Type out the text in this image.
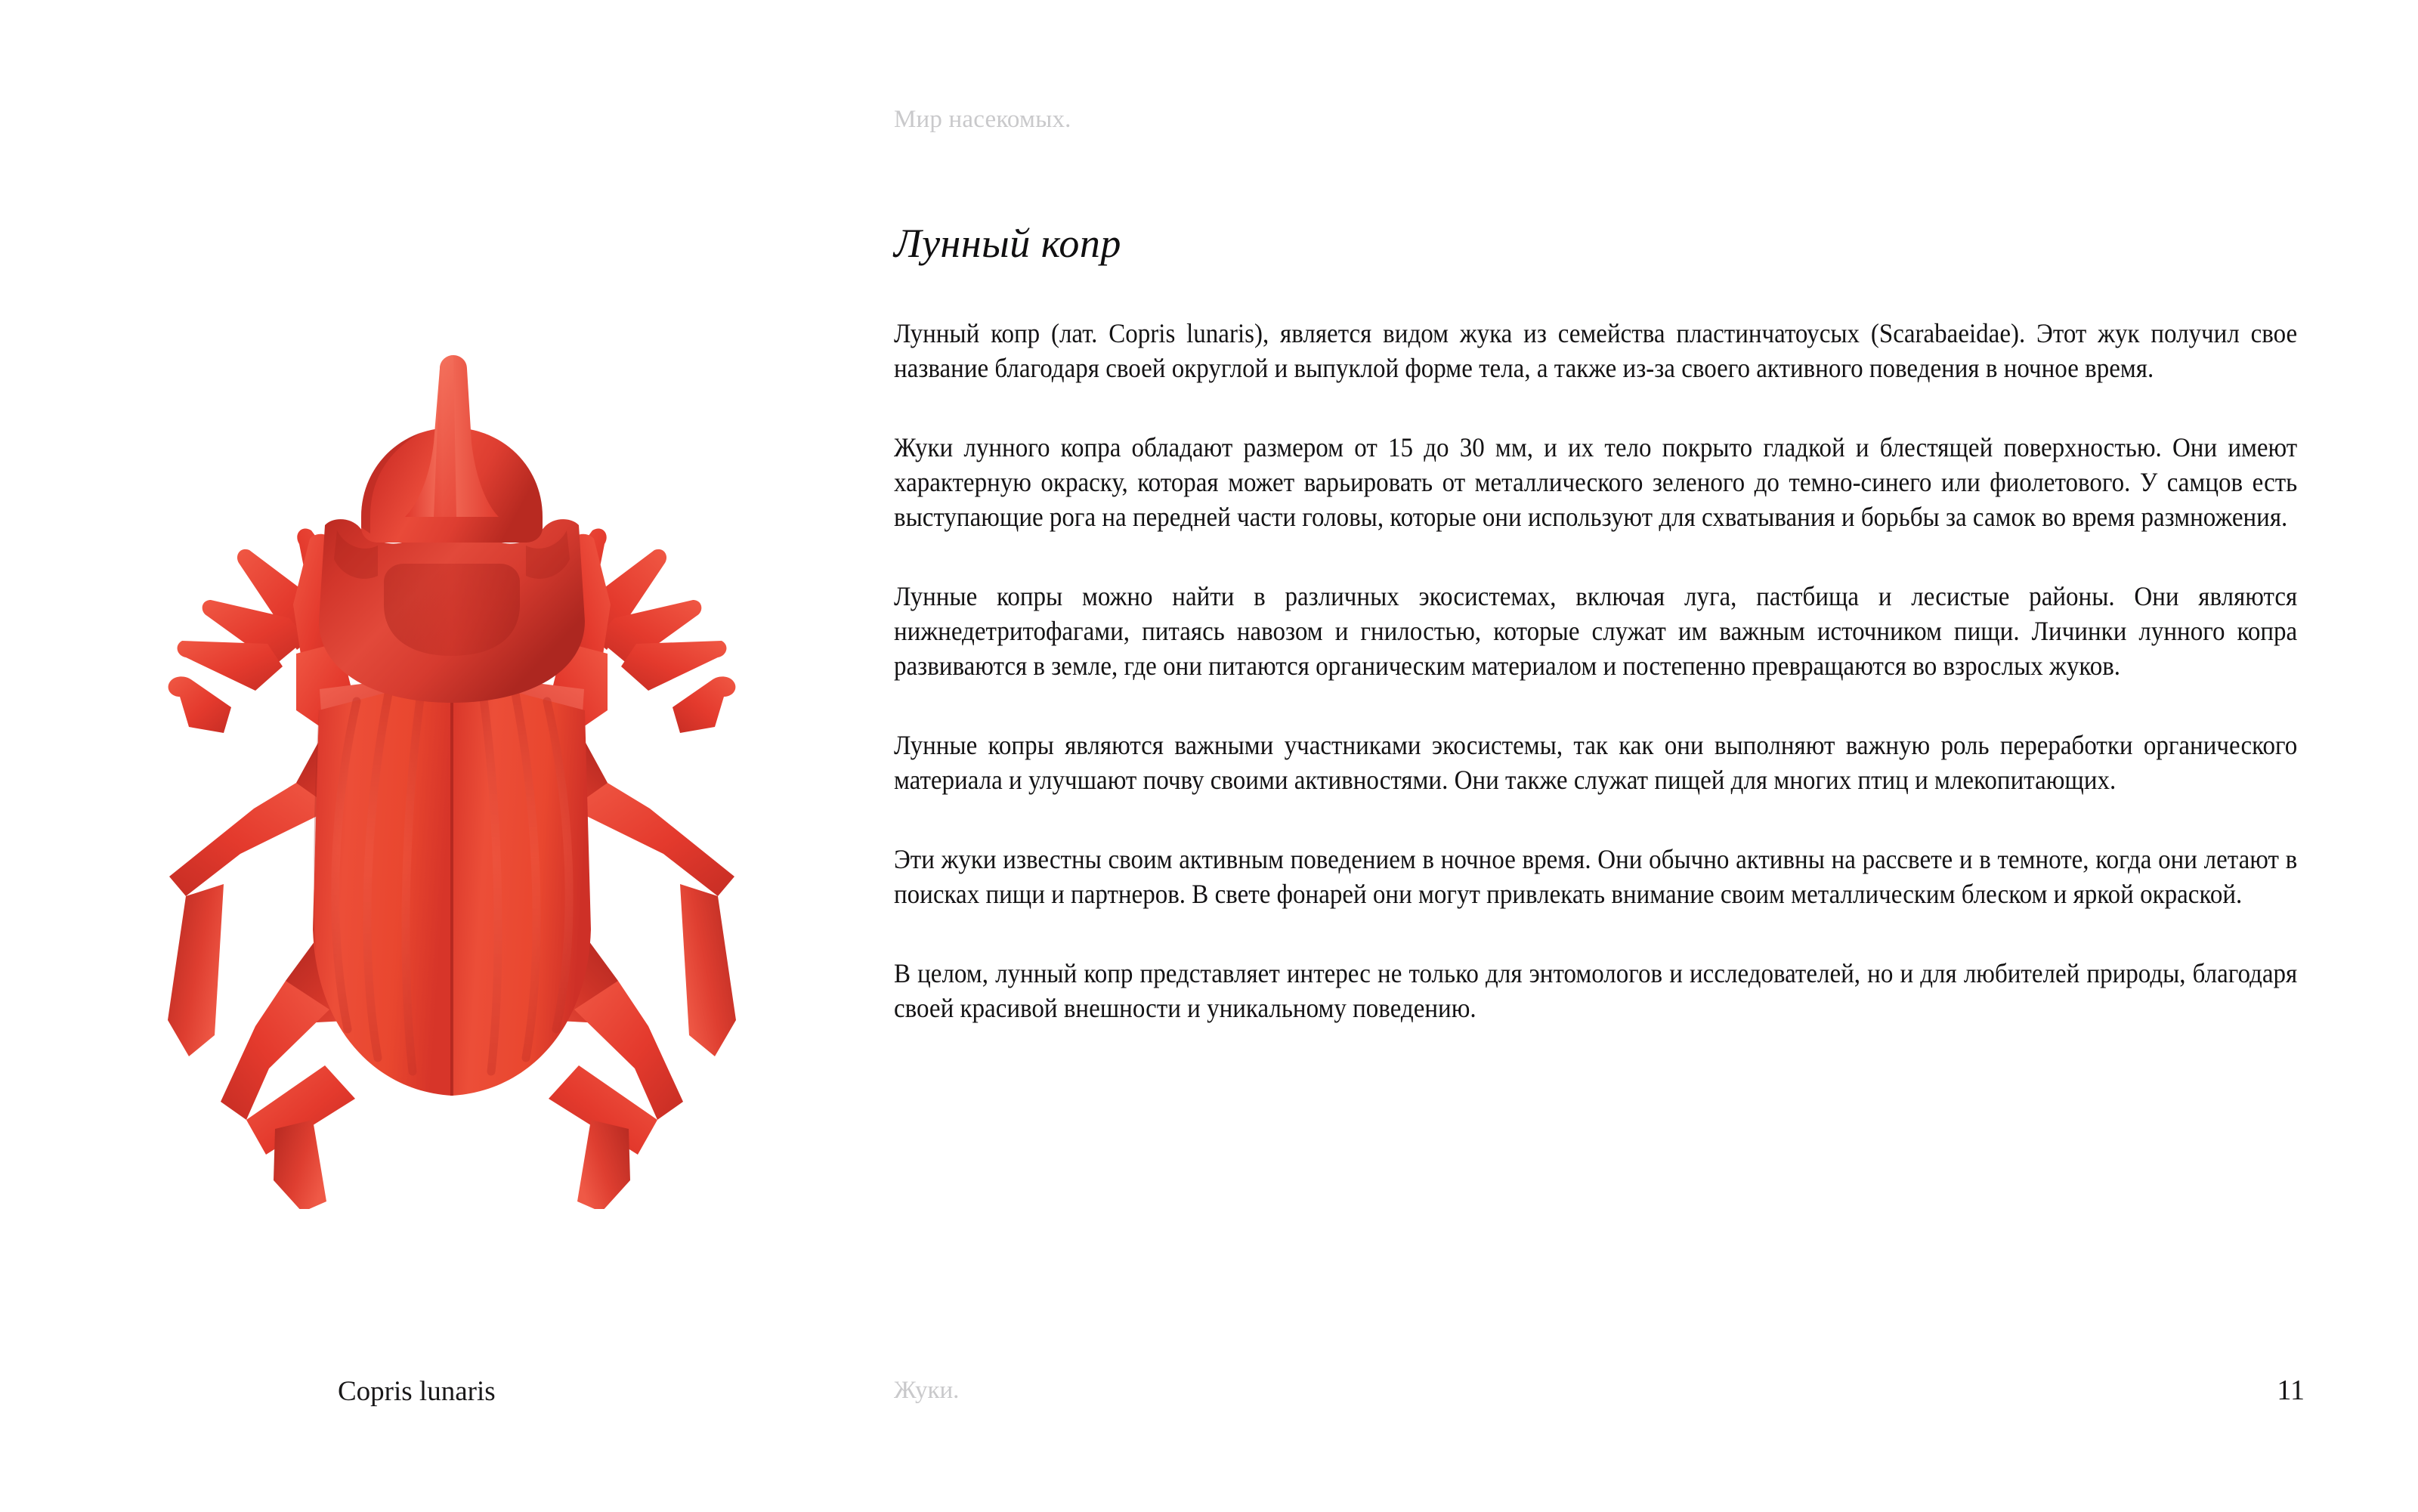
Мир насекомых.
Лунный копр

Лунный копр (лат. Copris lunaris), является видом жука из семейства пластинчатоусых (Scarabaeidae). Этот жук получил свое название благодаря своей округлой и выпуклой форме тела, а также из-за своего активного поведения в ночное время.

Жуки лунного копра обладают размером от 15 до 30 мм, и их тело покрыто гладкой и блестящей поверхностью. Они имеют характерную окраску, которая может варьировать от металлического зеленого до темно-синего или фиолетового. У самцов есть выступающие рога на передней части головы, которые они используют для схватывания и борьбы за самок во время размножения.

Лунные копры можно найти в различных экосистемах, включая луга, пастбища и лесистые районы. Они являются нижнедетритофагами, питаясь навозом и гнилостью, которые служат им важным источником пищи. Личинки лунного копра развиваются в земле, где они питаются органическим материалом и постепенно превращаются во взрослых жуков.

Лунные копры являются важными участниками экосистемы, так как они выполняют важную роль переработки органического материала и улучшают почву своими активностями. Они также служат пищей для многих птиц и млекопитающих.

Эти жуки известны своим активным поведением в ночное время. Они обычно активны на рассвете и в темноте, когда они летают в поисках пищи и партнеров. В свете фонарей они могут привлекать внимание своим металлическим блеском и яркой окраской.

В целом, лунный копр представляет интерес не только для энтомологов и исследователей, но и для любителей природы, благодаря своей красивой внешности и уникальному поведению.

Copris lunaris	Жуки.	11
